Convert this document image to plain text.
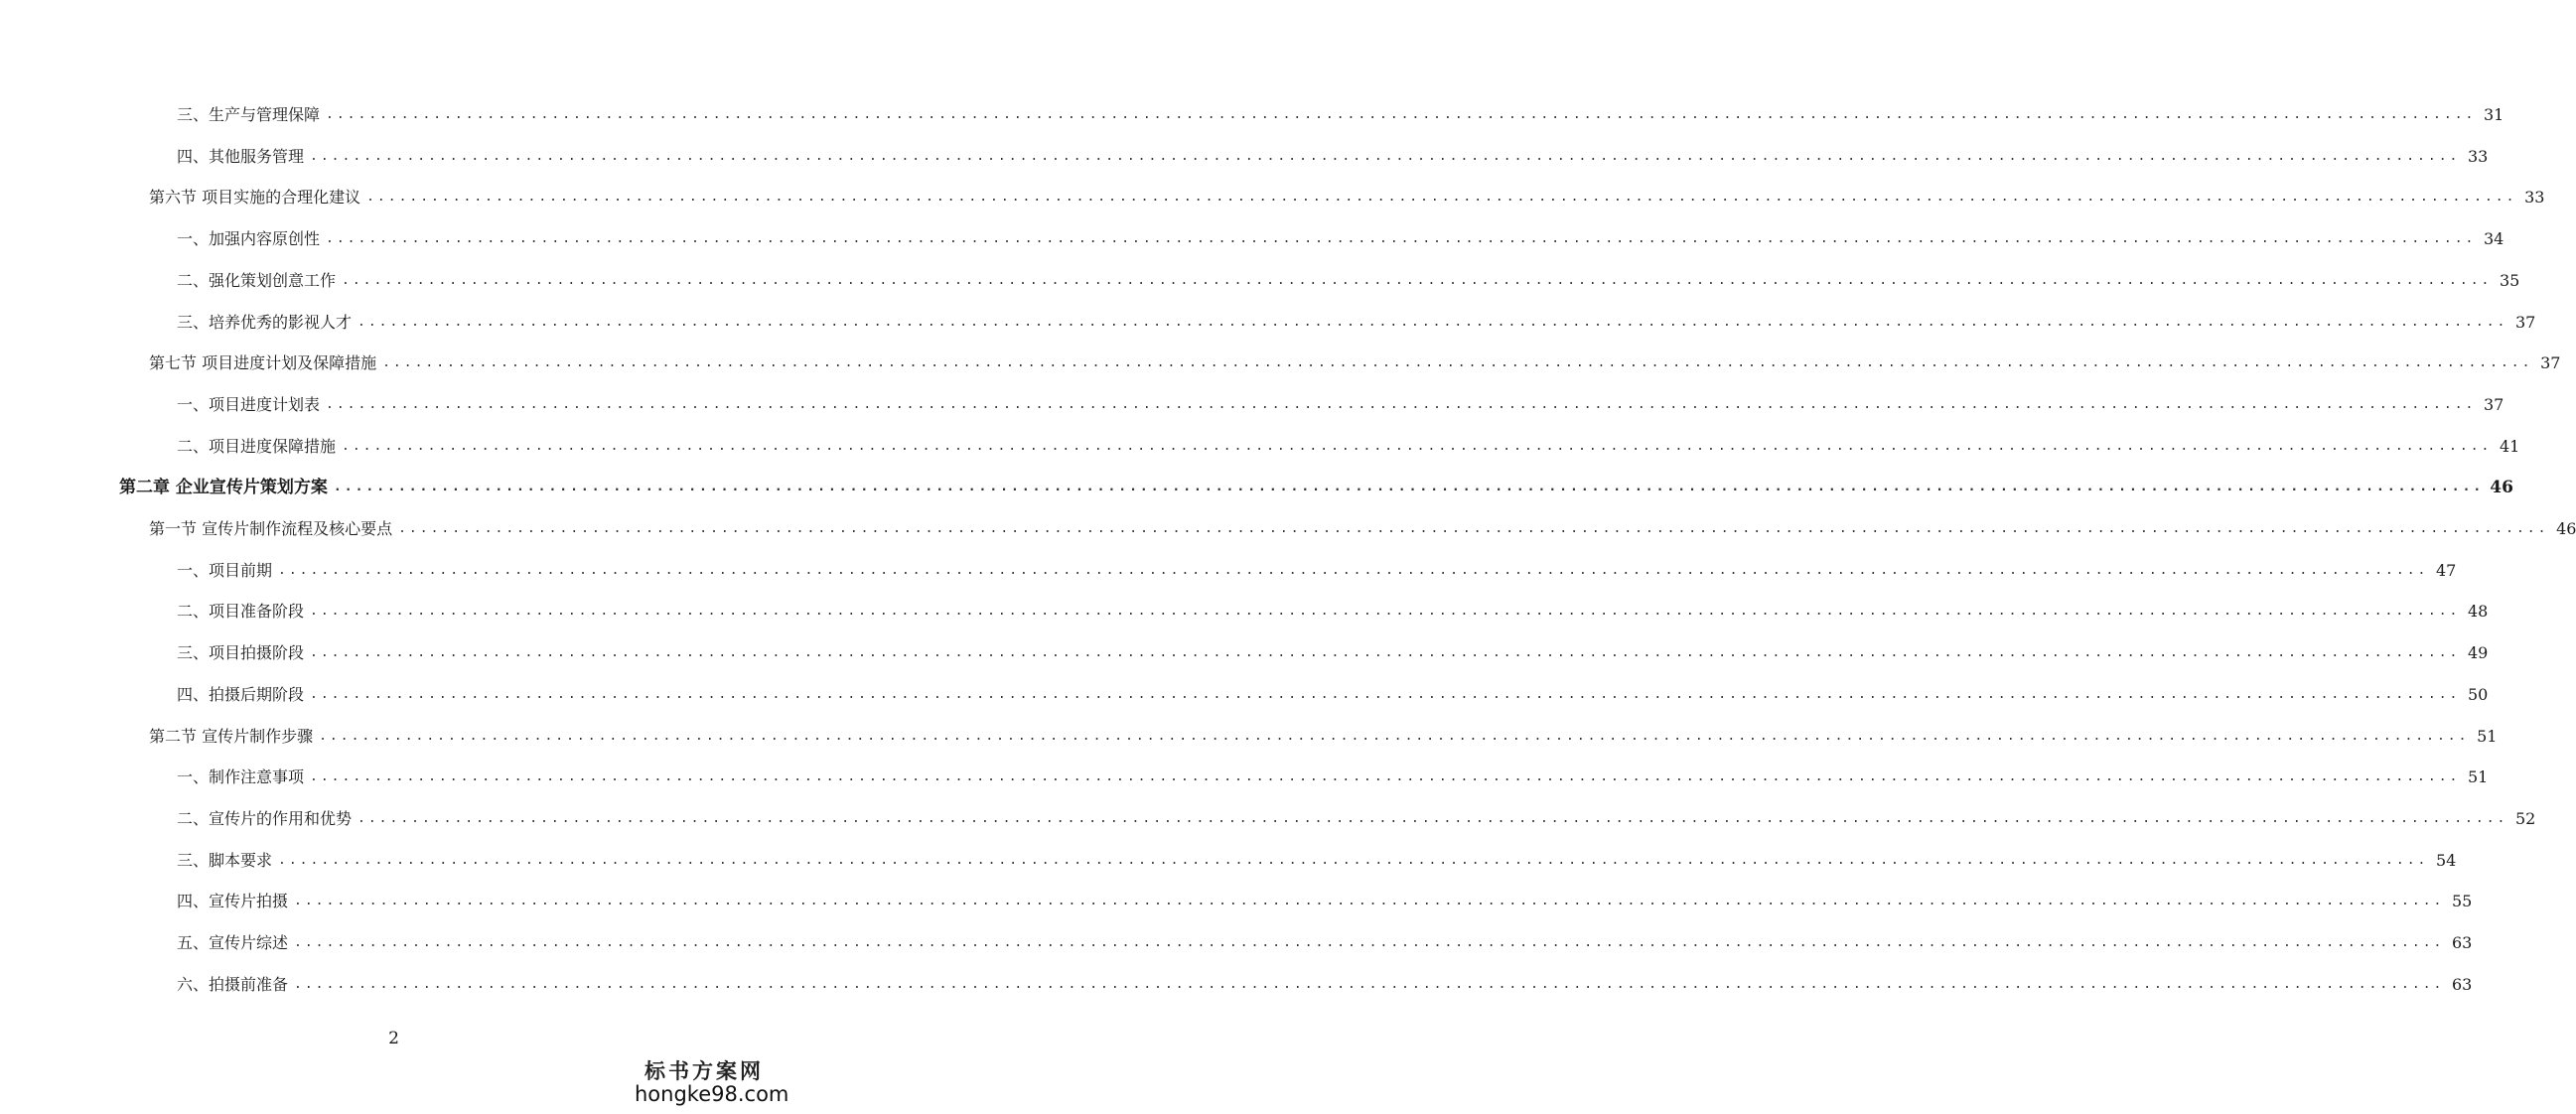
三、生产与管理保障 ........................................................................................................................................................................................................ 31
四、其他服务管理 ........................................................................................................................................................................................................ 33
第六节 项目实施的合理化建议 ........................................................................................................................................................................................................ 33
一、加强内容原创性 ........................................................................................................................................................................................................ 34
二、强化策划创意工作 ........................................................................................................................................................................................................ 35
三、培养优秀的影视人才 ........................................................................................................................................................................................................ 37
第七节 项目进度计划及保障措施 ........................................................................................................................................................................................................ 37
一、项目进度计划表 ........................................................................................................................................................................................................ 37
二、项目进度保障措施 ........................................................................................................................................................................................................ 41
第二章 企业宣传片策划方案 ........................................................................................................................................................................................................ 46
第一节 宣传片制作流程及核心要点 ........................................................................................................................................................................................................ 46
一、项目前期 ........................................................................................................................................................................................................ 47
二、项目准备阶段 ........................................................................................................................................................................................................ 48
三、项目拍摄阶段 ........................................................................................................................................................................................................ 49
四、拍摄后期阶段 ........................................................................................................................................................................................................ 50
第二节 宣传片制作步骤 ........................................................................................................................................................................................................ 51
一、制作注意事项 ........................................................................................................................................................................................................ 51
二、宣传片的作用和优势 ........................................................................................................................................................................................................ 52
三、脚本要求 ........................................................................................................................................................................................................ 54
四、宣传片拍摄 ........................................................................................................................................................................................................ 55
五、宣传片综述 ........................................................................................................................................................................................................ 63
六、拍摄前准备 ........................................................................................................................................................................................................ 63
2
标书方案网
hongke98.com
